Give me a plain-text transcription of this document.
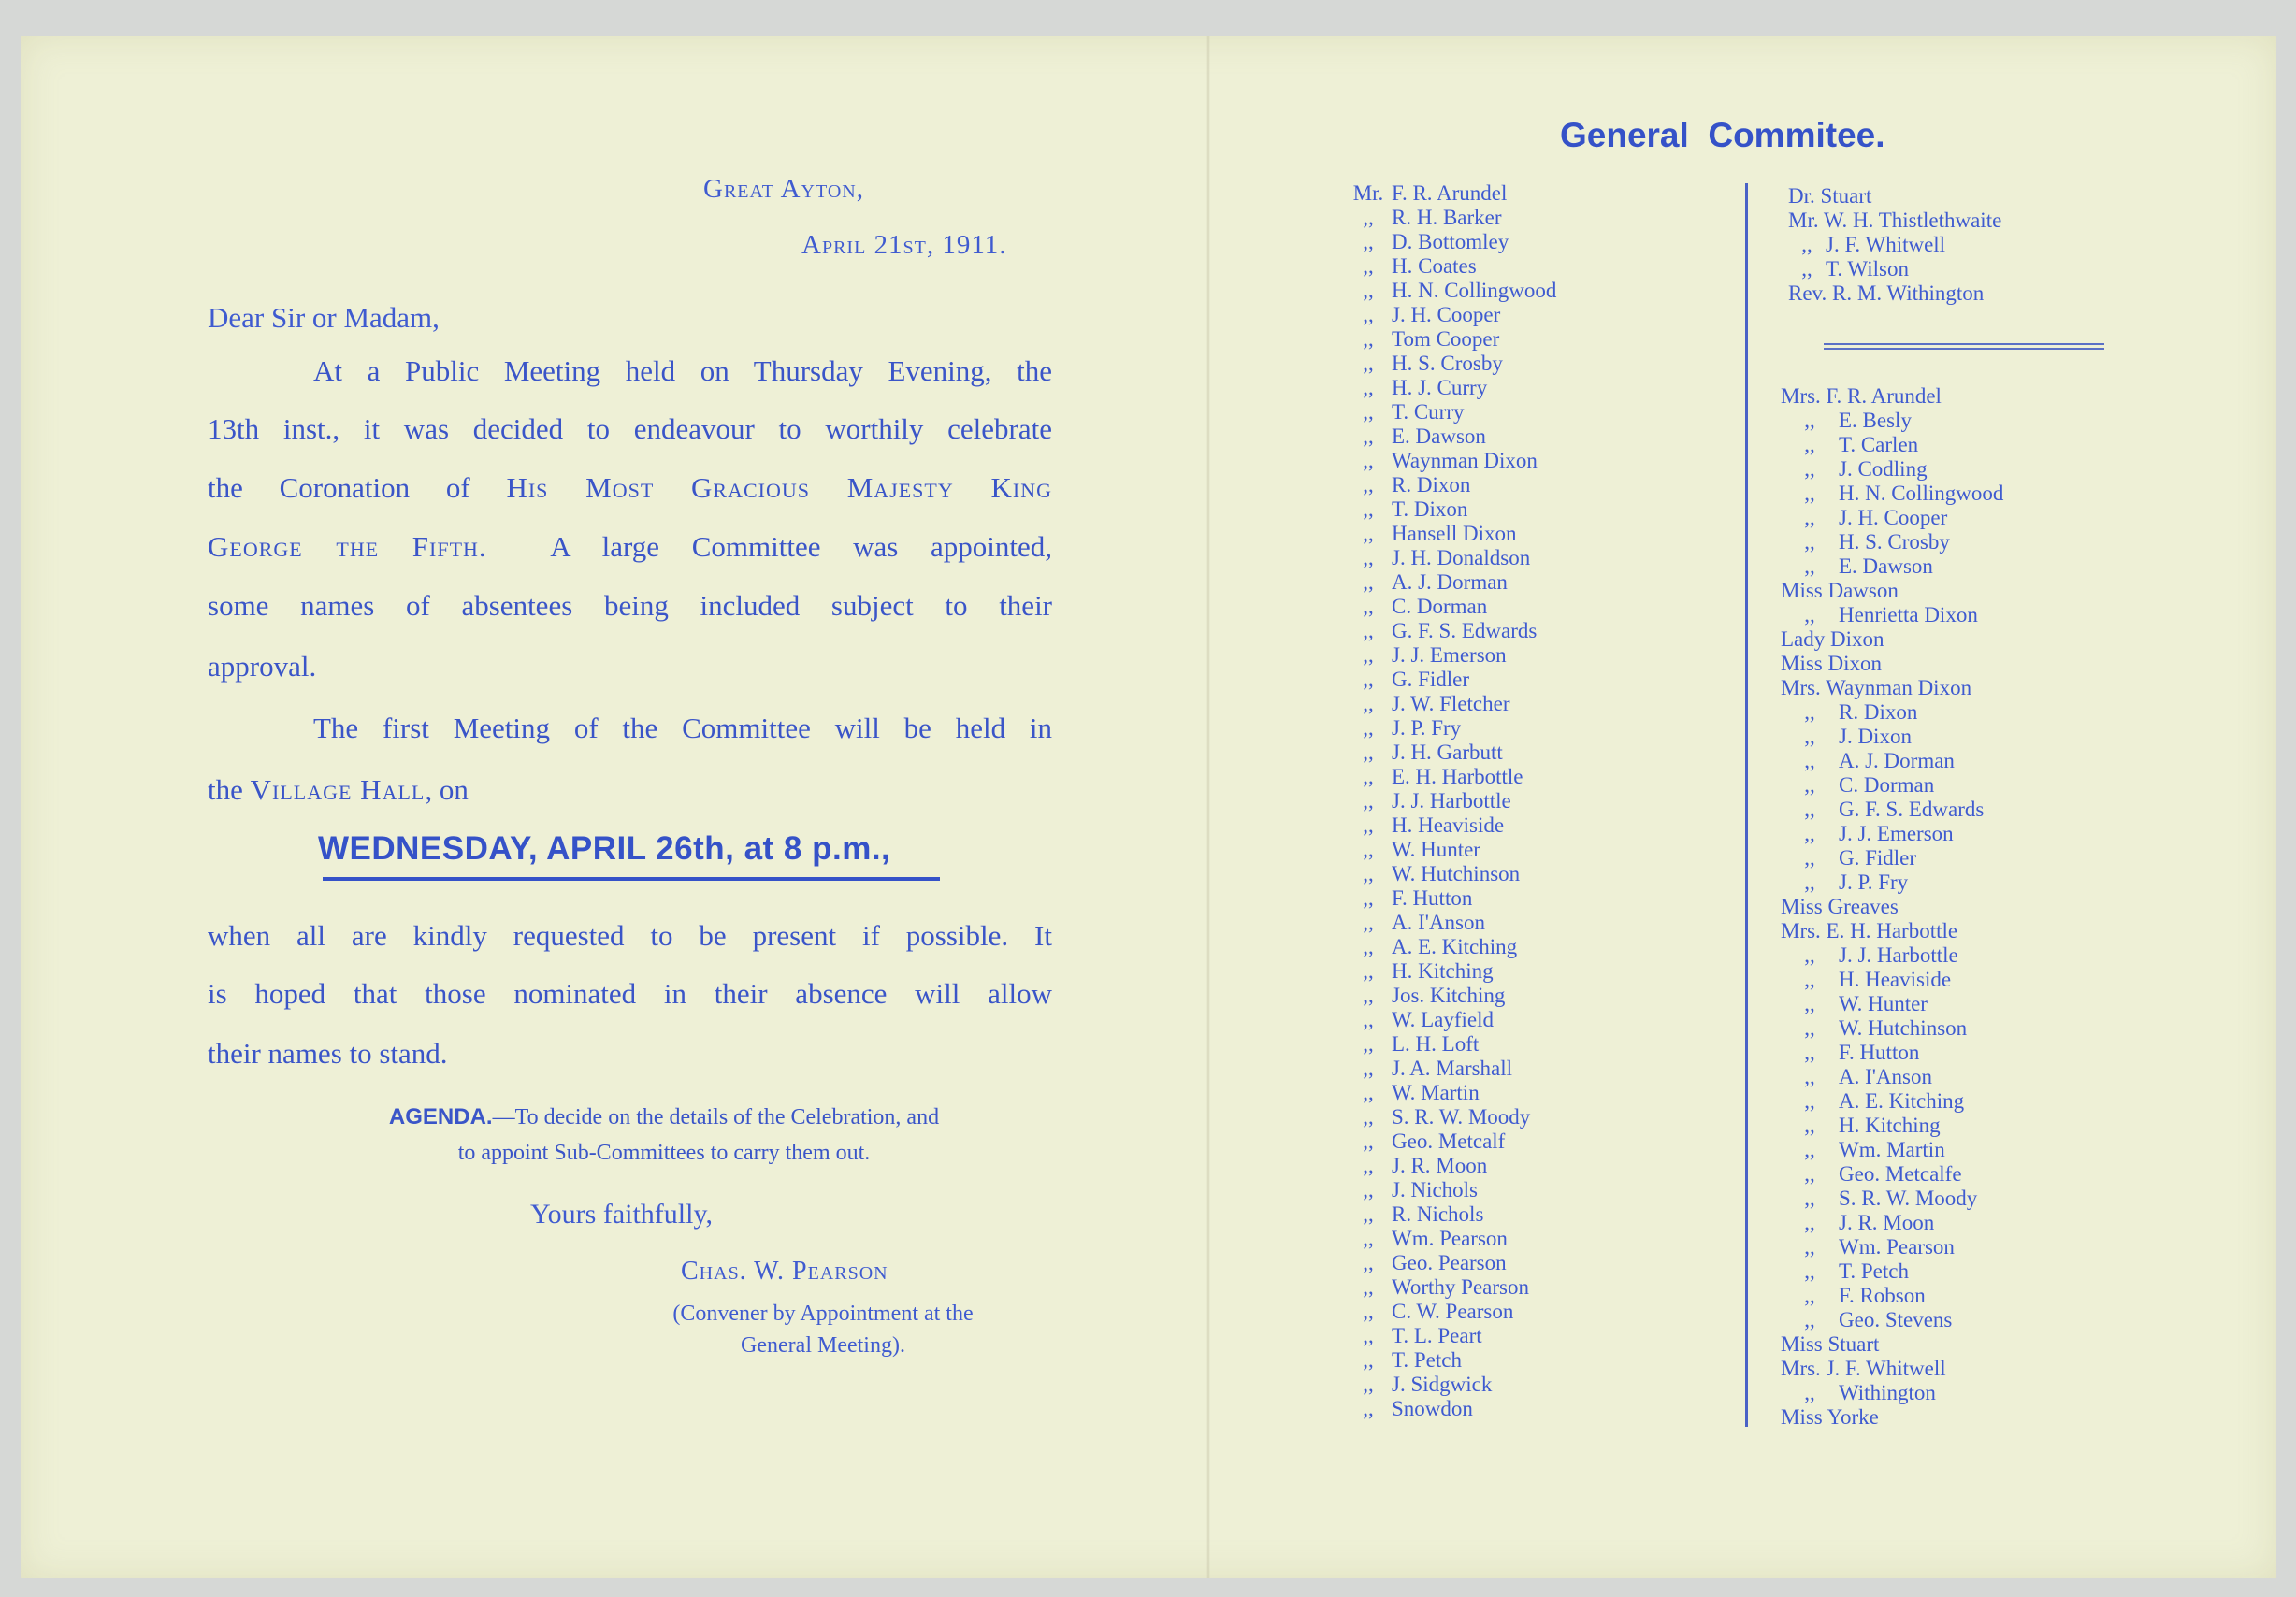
Great Ayton,
April 21st, 1911.
Dear Sir or Madam,
At a Public Meeting held on Thursday Evening, the
13th inst., it was decided to endeavour to worthily celebrate
the Coronation of His Most Gracious Majesty King
George the Fifth.  A large Committee was appointed,
some names of absentees being included subject to their
approval.
The first Meeting of the Committee will be held in
the Village Hall, on
WEDNESDAY, APRIL 26th, at 8 p.m.,
when all are kindly requested to be present if possible. It
is hoped that those nominated in their absence will allow
their names to stand.
AGENDA.—To decide on the details of the Celebration, and
to appoint Sub-Committees to carry them out.
Yours faithfully,
Chas. W. Pearson
(Convener by Appointment at the
General Meeting).
General  Commitee.
Mr. F. R. Arundel
,, R. H. Barker
,, D. Bottomley
,, H. Coates
,, H. N. Collingwood
,, J. H. Cooper
,, Tom Cooper
,, H. S. Crosby
,, H. J. Curry
,, T. Curry
,, E. Dawson
,, Waynman Dixon
,, R. Dixon
,, T. Dixon
,, Hansell Dixon
,, J. H. Donaldson
,, A. J. Dorman
,, C. Dorman
,, G. F. S. Edwards
,, J. J. Emerson
,, G. Fidler
,, J. W. Fletcher
,, J. P. Fry
,, J. H. Garbutt
,, E. H. Harbottle
,, J. J. Harbottle
,, H. Heaviside
,, W. Hunter
,, W. Hutchinson
,, F. Hutton
,, A. I'Anson
,, A. E. Kitching
,, H. Kitching
,, Jos. Kitching
,, W. Layfield
,, L. H. Loft
,, J. A. Marshall
,, W. Martin
,, S. R. W. Moody
,, Geo. Metcalf
,, J. R. Moon
,, J. Nichols
,, R. Nichols
,, Wm. Pearson
,, Geo. Pearson
,, Worthy Pearson
,, C. W. Pearson
,, T. L. Peart
,, T. Petch
,, J. Sidgwick
,, Snowdon
Dr. Stuart
Mr. W. H. Thistlethwaite
,, J. F. Whitwell
,, T. Wilson
Rev. R. M. Withington
Mrs. F. R. Arundel
,, E. Besly
,, T. Carlen
,, J. Codling
,, H. N. Collingwood
,, J. H. Cooper
,, H. S. Crosby
,, E. Dawson
Miss Dawson
,, Henrietta Dixon
Lady Dixon
Miss Dixon
Mrs. Waynman Dixon
,, R. Dixon
,, J. Dixon
,, A. J. Dorman
,, C. Dorman
,, G. F. S. Edwards
,, J. J. Emerson
,, G. Fidler
,, J. P. Fry
Miss Greaves
Mrs. E. H. Harbottle
,, J. J. Harbottle
,, H. Heaviside
,, W. Hunter
,, W. Hutchinson
,, F. Hutton
,, A. I'Anson
,, A. E. Kitching
,, H. Kitching
,, Wm. Martin
,, Geo. Metcalfe
,, S. R. W. Moody
,, J. R. Moon
,, Wm. Pearson
,, T. Petch
,, F. Robson
,, Geo. Stevens
Miss Stuart
Mrs. J. F. Whitwell
,, Withington
Miss Yorke
